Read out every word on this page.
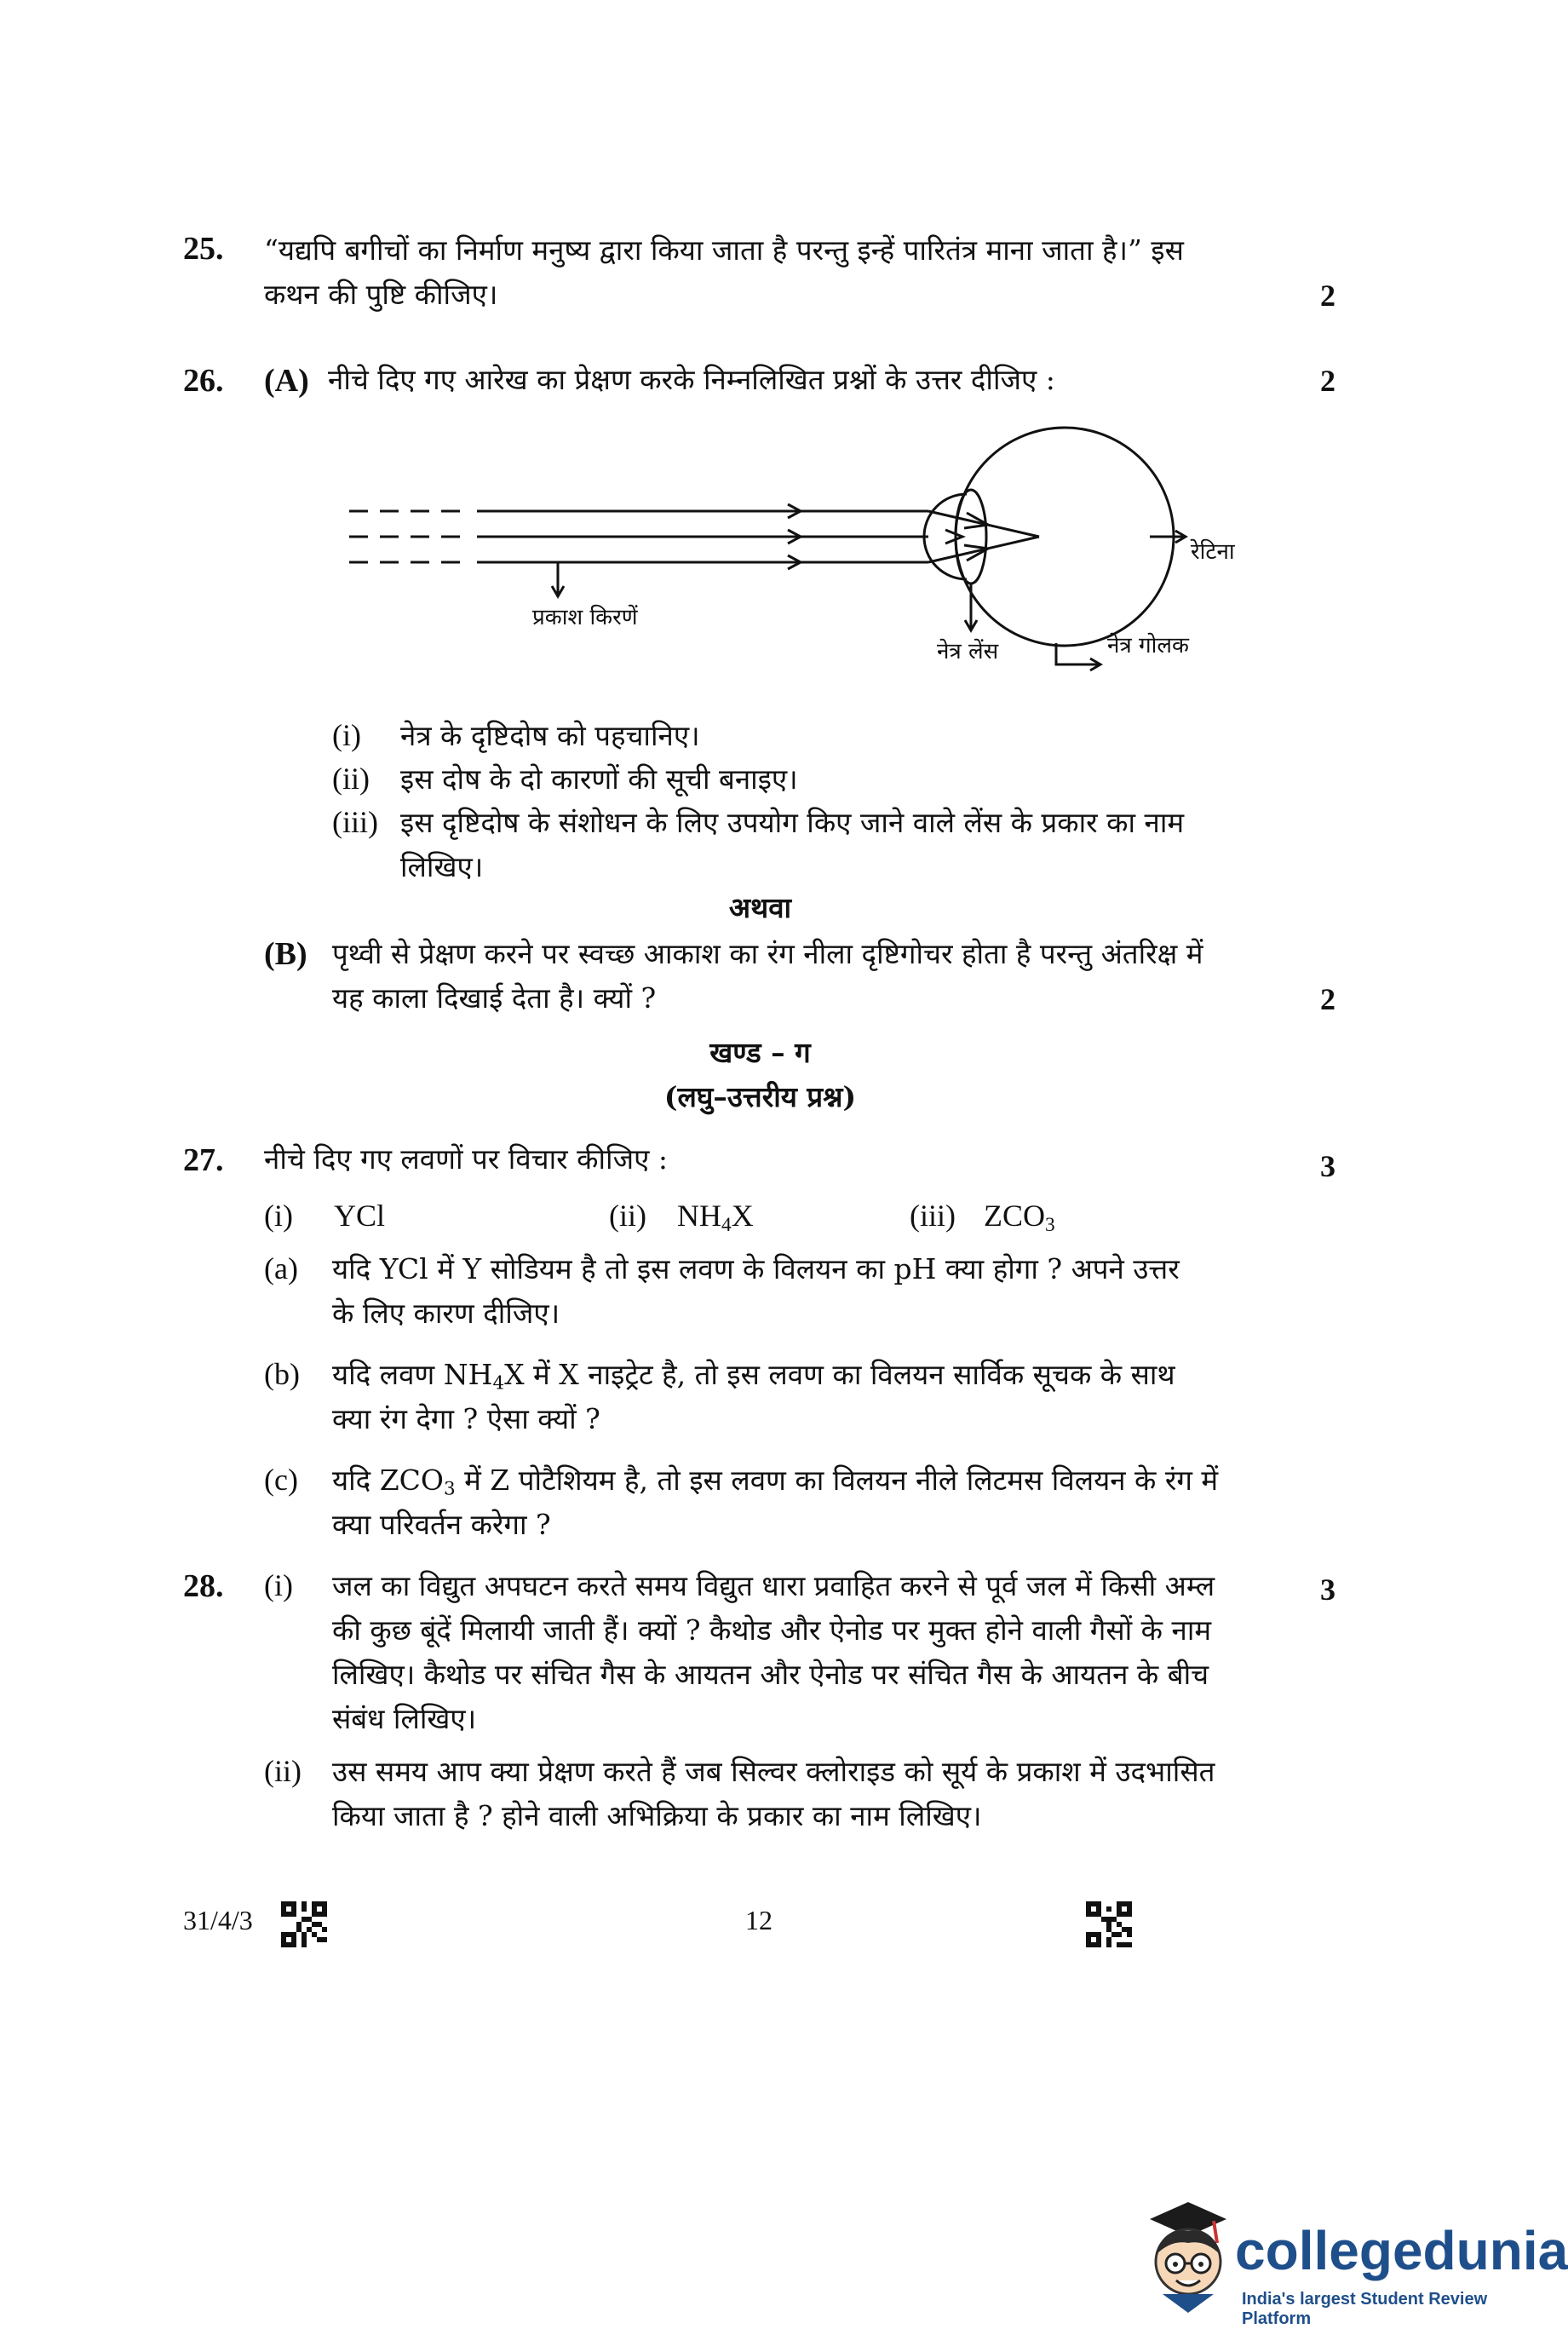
25. “यद्यपि बगीचों का निर्माण मनुष्य द्वारा किया जाता है परन्तु इन्हें पारितंत्र माना जाता है।” इस
कथन की पुष्टि कीजिए।	2
26. (A) नीचे दिए गए आरेख का प्रेक्षण करके निम्नलिखित प्रश्नों के उत्तर दीजिए :	2
प्रकाश किरणें
नेत्र लेंस
रेटिना
नेत्र गोलक
(i) नेत्र के दृष्टिदोष को पहचानिए।
(ii) इस दोष के दो कारणों की सूची बनाइए।
(iii) इस दृष्टिदोष के संशोधन के लिए उपयोग किए जाने वाले लेंस के प्रकार का नाम
लिखिए।
अथवा
(B) पृथ्वी से प्रेक्षण करने पर स्वच्छ आकाश का रंग नीला दृष्टिगोचर होता है परन्तु अंतरिक्ष में
यह काला दिखाई देता है। क्यों ?	2
खण्ड – ग
(लघु–उत्तरीय प्रश्न)
27. नीचे दिए गए लवणों पर विचार कीजिए :	3
(i) YCl	(ii) $NH_4X$	(iii) $ZCO_3$
(a) यदि YCl में Y सोडियम है तो इस लवण के विलयन का pH क्या होगा ? अपने उत्तर
के लिए कारण दीजिए।
(b) यदि लवण $NH_4X$ में X नाइट्रेट है, तो इस लवण का विलयन सार्विक सूचक के साथ
क्या रंग देगा ? ऐसा क्यों ?
(c) यदि $ZCO_3$ में Z पोटैशियम है, तो इस लवण का विलयन नीले लिटमस विलयन के रंग में
क्या परिवर्तन करेगा ?
28. (i)	3
जल का विद्युत अपघटन करते समय विद्युत धारा प्रवाहित करने से पूर्व जल में किसी अम्ल
की कुछ बूंदें मिलायी जाती हैं। क्यों ? कैथोड और ऐनोड पर मुक्त होने वाली गैसों के नाम
लिखिए। कैथोड पर संचित गैस के आयतन और ऐनोड पर संचित गैस के आयतन के बीच
संबंध लिखिए।
(ii) उस समय आप क्या प्रेक्षण करते हैं जब सिल्वर क्लोराइड को सूर्य के प्रकाश में उदभासित
किया जाता है ? होने वाली अभिक्रिया के प्रकार का नाम लिखिए।
31/4/3	12
collegedunia
India's largest Student Review Platform
